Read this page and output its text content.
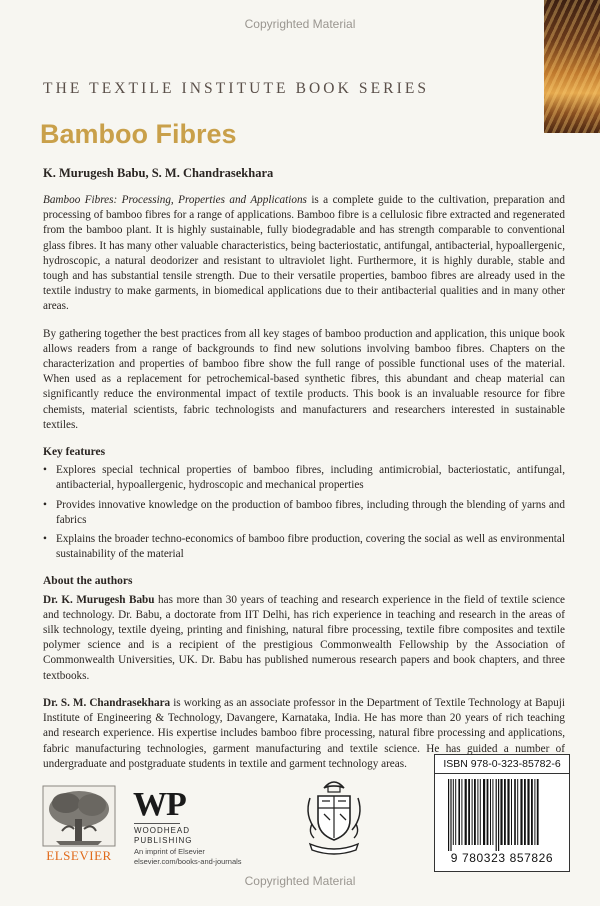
Copyrighted Material
THE TEXTILE INSTITUTE BOOK SERIES
Bamboo Fibres
K. Murugesh Babu, S. M. Chandrasekhara

Bamboo Fibres: Processing, Properties and Applications is a complete guide to the cultivation, preparation and processing of bamboo fibres for a range of applications. Bamboo fibre is a cellulosic fibre extracted and regenerated from the bamboo plant. It is highly sustainable, fully biodegradable and has strength comparable to conventional glass fibres. It has many other valuable characteristics, being bacteriostatic, antifungal, antibacterial, hypoallergenic, hydroscopic, a natural deodorizer and resistant to ultraviolet light. Furthermore, it is highly durable, stable and tough and has substantial tensile strength. Due to their versatile properties, bamboo fibres are already used in the textile industry to make garments, in biomedical applications due to their antibacterial qualities and in many other areas.

By gathering together the best practices from all key stages of bamboo production and application, this unique book allows readers from a range of backgrounds to find new solutions involving bamboo fibres. Chapters on the characterization and properties of bamboo fibre show the full range of possible functional uses of the material. When used as a replacement for petrochemical-based synthetic fibres, this abundant and cheap material can significantly reduce the environmental impact of textile products. This book is an invaluable resource for fibre chemists, material scientists, fabric technologists and manufacturers and researchers interested in sustainable textiles.

Key features
• Explores special technical properties of bamboo fibres, including antimicrobial, bacteriostatic, antifungal, antibacterial, hypoallergenic, hydroscopic and mechanical properties
• Provides innovative knowledge on the production of bamboo fibres, including through the blending of yarns and fabrics
• Explains the broader techno-economics of bamboo fibre production, covering the social as well as environmental sustainability of the material
About the authors

Dr. K. Murugesh Babu has more than 30 years of teaching and research experience in the field of textile science and technology. Dr. Babu, a doctorate from IIT Delhi, has rich experience in teaching and research in the areas of silk technology, textile dyeing, printing and finishing, natural fibre processing, textile fibre composites and textile polymer science and is a recipient of the prestigious Commonwealth Fellowship by the Association of Commonwealth Universities, UK. Dr. Babu has published numerous research papers and book chapters, and three textbooks.

Dr. S. M. Chandrasekhara is working as an associate professor in the Department of Textile Technology at Bapuji Institute of Engineering & Technology, Davangere, Karnataka, India. He has more than 20 years of rich teaching and research experience. His expertise includes bamboo fibre processing, natural fibre processing and applications, fabric manufacturing technologies, garment manufacturing and textile science. He has guided a number of undergraduate and postgraduate students in textile and garment technology areas.

ELSEVIER
WP
WOODHEAD
PUBLISHING
An imprint of Elsevier
elsevier.com/books-and-journals
ISBN 978-0-323-85782-6
9 780323 857826
Copyrighted Material
